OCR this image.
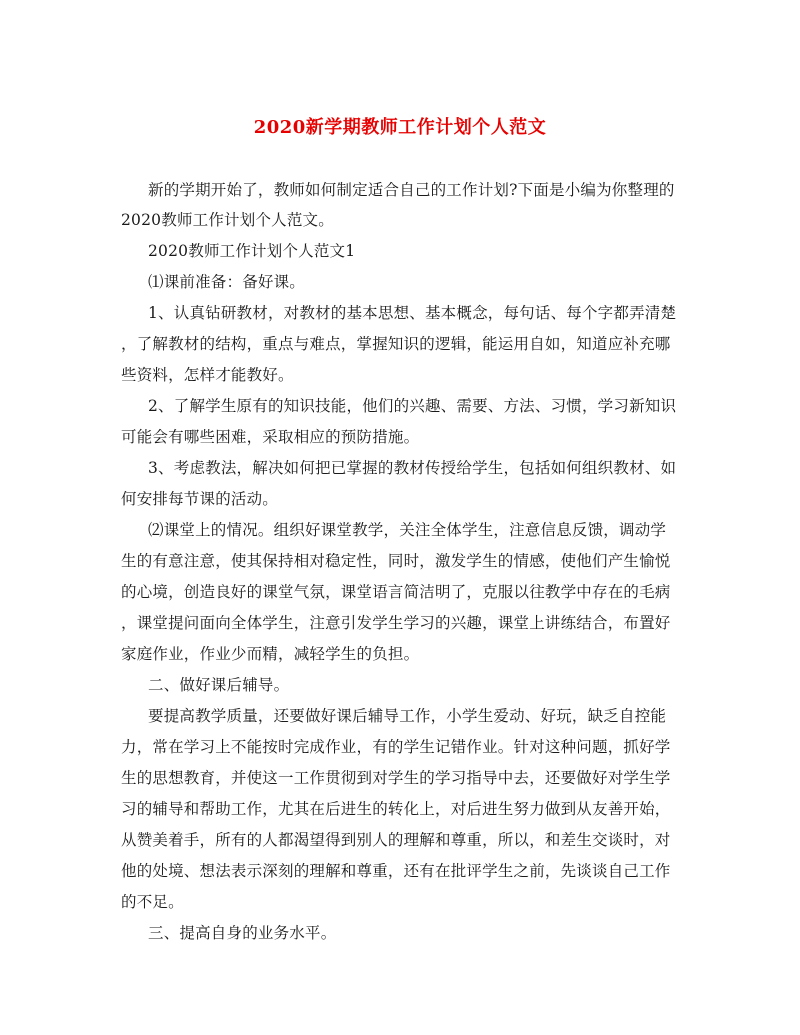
2020新学期教师工作计划个人范文
新的学期开始了，教师如何制定适合自己的工作计划?下面是小编为你整理的
2020教师工作计划个人范文。
2020教师工作计划个人范文1
⑴课前准备：备好课。
1、认真钻研教材，对教材的基本思想、基本概念，每句话、每个字都弄清楚
，了解教材的结构，重点与难点，掌握知识的逻辑，能运用自如，知道应补充哪
些资料，怎样才能教好。
2、了解学生原有的知识技能，他们的兴趣、需要、方法、习惯，学习新知识
可能会有哪些困难，采取相应的预防措施。
3、考虑教法，解决如何把已掌握的教材传授给学生，包括如何组织教材、如
何安排每节课的活动。
⑵课堂上的情况。组织好课堂教学，关注全体学生，注意信息反馈，调动学
生的有意注意，使其保持相对稳定性，同时，激发学生的情感，使他们产生愉悦
的心境，创造良好的课堂气氛，课堂语言简洁明了，克服以往教学中存在的毛病
，课堂提问面向全体学生，注意引发学生学习的兴趣，课堂上讲练结合，布置好
家庭作业，作业少而精，减轻学生的负担。
二、做好课后辅导。
要提高教学质量，还要做好课后辅导工作，小学生爱动、好玩，缺乏自控能
力，常在学习上不能按时完成作业，有的学生记错作业。针对这种问题，抓好学
生的思想教育，并使这一工作贯彻到对学生的学习指导中去，还要做好对学生学
习的辅导和帮助工作，尤其在后进生的转化上，对后进生努力做到从友善开始，
从赞美着手，所有的人都渴望得到别人的理解和尊重，所以，和差生交谈时，对
他的处境、想法表示深刻的理解和尊重，还有在批评学生之前，先谈谈自己工作
的不足。
三、提高自身的业务水平。
